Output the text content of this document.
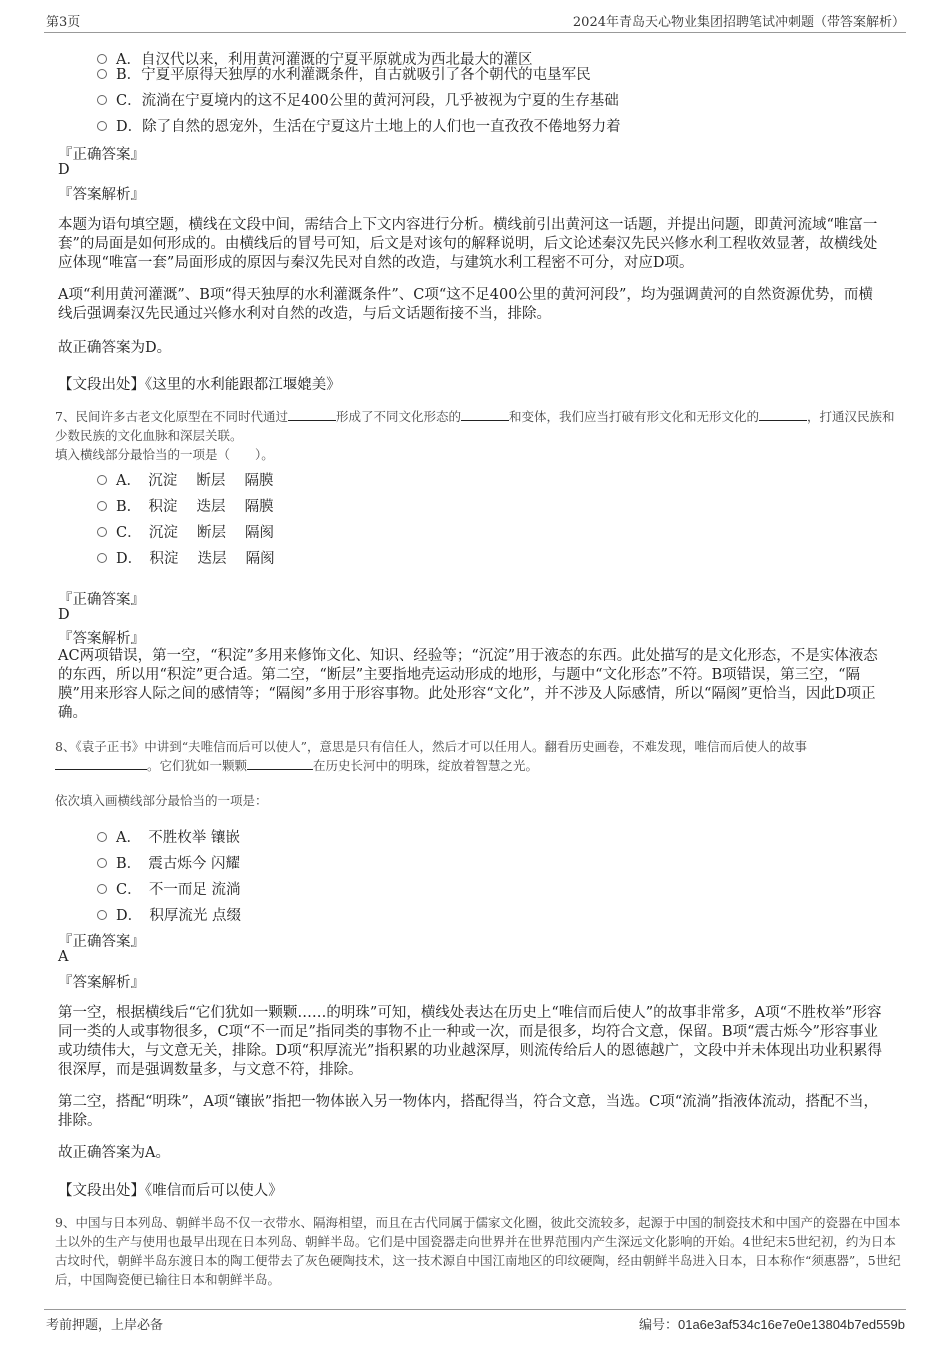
第3页	2024年青岛天心物业集团招聘笔试冲刺题（带答案解析）
A．自汉代以来，利用黄河灌溉的宁夏平原就成为西北最大的灌区
B．宁夏平原得天独厚的水利灌溉条件，自古就吸引了各个朝代的屯垦军民
C．流淌在宁夏境内的这不足400公里的黄河河段，几乎被视为宁夏的生存基础
D．除了自然的恩宠外，生活在宁夏这片土地上的人们也一直孜孜不倦地努力着
『正确答案』
D
『答案解析』
本题为语句填空题，横线在文段中间，需结合上下文内容进行分析。横线前引出黄河这一话题，并提出问题，即黄河流域“唯富一套”的局面是如何形成的。由横线后的冒号可知，后文是对该句的解释说明，后文论述秦汉先民兴修水利工程收效显著，故横线处应体现“唯富一套”局面形成的原因与秦汉先民对自然的改造，与建筑水利工程密不可分，对应D项。
A项“利用黄河灌溉”、B项“得天独厚的水利灌溉条件”、C项“这不足400公里的黄河河段”，均为强调黄河的自然资源优势，而横线后强调秦汉先民通过兴修水利对自然的改造，与后文话题衔接不当，排除。
故正确答案为D。
【文段出处】《这里的水利能跟都江堰媲美》
7、民间许多古老文化原型在不同时代通过	形成了不同文化形态的	和变体，我们应当打破有形文化和无形文化的	，打通汉民族和少数民族的文化血脉和深层关联。
填入横线部分最恰当的一项是（　　）。
A．　沉淀　 断层　 隔膜
B．　积淀　 迭层　 隔膜
C．　沉淀　 断层　 隔阂
D．　积淀　 迭层　 隔阂
『正确答案』
D
『答案解析』
AC两项错误，第一空，“积淀”多用来修饰文化、知识、经验等；“沉淀”用于液态的东西。此处描写的是文化形态，不是实体液态的东西，所以用“积淀”更合适。第二空，“断层”主要指地壳运动形成的地形，与题中“文化形态”不符。B项错误，第三空，“隔膜”用来形容人际之间的感情等；“隔阂”多用于形容事物。此处形容“文化”，并不涉及人际感情，所以“隔阂”更恰当，因此D项正确。
8、《袁子正书》中讲到“夫唯信而后可以使人”，意思是只有信任人，然后才可以任用人。翻看历史画卷，不难发现，唯信而后使人的故事
。它们犹如一颗颗	在历史长河中的明珠，绽放着智慧之光。
依次填入画横线部分最恰当的一项是：
A．　不胜枚举 镶嵌
B．　震古烁今 闪耀
C．　不一而足 流淌
D．　积厚流光 点缀
『正确答案』
A
『答案解析』
第一空，根据横线后“它们犹如一颗颗……的明珠”可知，横线处表达在历史上“唯信而后使人”的故事非常多，A项“不胜枚举”形容同一类的人或事物很多，C项“不一而足”指同类的事物不止一种或一次，而是很多，均符合文意，保留。B项“震古烁今”形容事业或功绩伟大，与文意无关，排除。D项“积厚流光”指积累的功业越深厚，则流传给后人的恩德越广，文段中并未体现出功业积累得很深厚，而是强调数量多，与文意不符，排除。
第二空，搭配“明珠”，A项“镶嵌”指把一物体嵌入另一物体内，搭配得当，符合文意，当选。C项“流淌”指液体流动，搭配不当，排除。
故正确答案为A。
【文段出处】《唯信而后可以使人》
9、中国与日本列岛、朝鲜半岛不仅一衣带水、隔海相望，而且在古代同属于儒家文化圈，彼此交流较多，起源于中国的制瓷技术和中国产的瓷器在中国本土以外的生产与使用也最早出现在日本列岛、朝鲜半岛。它们是中国瓷器走向世界并在世界范围内产生深远文化影响的开始。4世纪末5世纪初，约为日本古坟时代，朝鲜半岛东渡日本的陶工便带去了灰色硬陶技术，这一技术源自中国江南地区的印纹硬陶，经由朝鲜半岛进入日本，日本称作“须惠器”，5世纪后，中国陶瓷便已输往日本和朝鲜半岛。
考前押题，上岸必备	编号：01a6e3af534c16e7e0e13804b7ed559b
